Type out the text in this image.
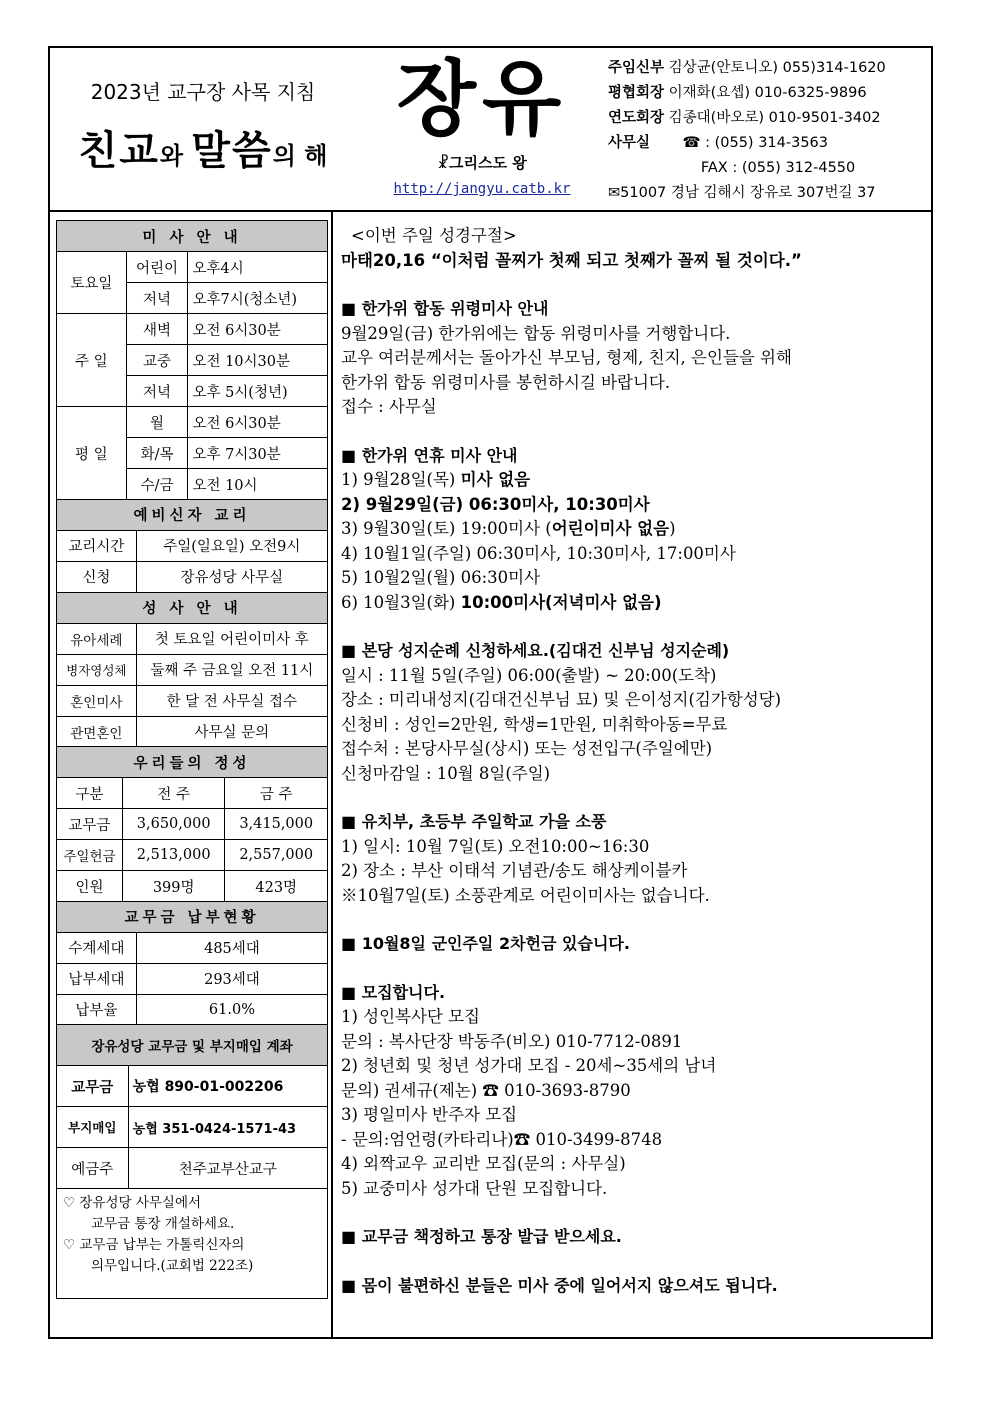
2023년 교구장 사목 지침
친교와 말씀의 해
장유
☧그리스도 왕
http://jangyu.catb.kr
주임신부 김상균(안토니오) 055)314-1620
평협회장 이재화(요셉) 010-6325-9896
연도회장 김종대(바오로) 010-9501-3402
사무실 ☎ : (055) 314-3563
FAX : (055) 312-4550
✉51007 경남 김해시 장유로 307번길 37
미 사 안 내		
토요일	어린이	오후4시
	저녁	오후7시(청소년)
주 일	새벽	오전 6시30분
	교중	오전 10시30분
	저녁	오후 5시(청년)
평 일	월	오전 6시30분
	화/목	오후 7시30분
	수/금	오전 10시
예비신자 교리	
교리시간	주일(일요일) 오전9시
신청	장유성당 사무실
성 사 안 내	
유아세례	첫 토요일 어린이미사 후
병자영성체	둘째 주 금요일 오전 11시
혼인미사	한 달 전 사무실 접수
관면혼인	사무실 문의
우리들의 정성		
구분	전 주	금 주
교무금	3,650,000	3,415,000
주일헌금	2,513,000	2,557,000
인원	399명	423명
교무금 납부현황	
수계세대	485세대
납부세대	293세대
납부율	61.0%
장유성당 교무금 및 부지매입 계좌	
교무금	농협 890-01-002206
부지매입	농협 351-0424-1571-43
예금주	천주교부산교구
♡ 장유성당 사무실에서
교무금 통장 개설하세요.
♡ 교무금 납부는 가톨릭신자의
의무입니다.(교회법 222조)
<이번 주일 성경구절>
마태20,16 “이처럼 꼴찌가 첫째 되고 첫째가 꼴찌 될 것이다.”
■ 한가위 합동 위령미사 안내
9월29일(금) 한가위에는 합동 위령미사를 거행합니다.
교우 여러분께서는 돌아가신 부모님, 형제, 친지, 은인들을 위해
한가위 합동 위령미사를 봉헌하시길 바랍니다.
접수 : 사무실
■ 한가위 연휴 미사 안내
1) 9월28일(목) 미사 없음
2) 9월29일(금) 06:30미사, 10:30미사
3) 9월30일(토) 19:00미사 (어린이미사 없음)
4) 10월1일(주일) 06:30미사, 10:30미사, 17:00미사
5) 10월2일(월) 06:30미사
6) 10월3일(화) 10:00미사(저녁미사 없음)
■ 본당 성지순례 신청하세요.(김대건 신부님 성지순례)
일시 : 11월 5일(주일) 06:00(출발) ~ 20:00(도착)
장소 : 미리내성지(김대건신부님 묘) 및 은이성지(김가항성당)
신청비 : 성인=2만원, 학생=1만원, 미취학아동=무료
접수처 : 본당사무실(상시) 또는 성전입구(주일에만)
신청마감일 : 10월 8일(주일)
■ 유치부, 초등부 주일학교 가을 소풍
1) 일시: 10월 7일(토) 오전10:00~16:30
2) 장소 : 부산 이태석 기념관/송도 해상케이블카
※10월7일(토) 소풍관계로 어린이미사는 없습니다.
■ 10월8일 군인주일 2차헌금 있습니다.
■ 모집합니다.
1) 성인복사단 모집
문의 : 복사단장 박동주(비오) 010-7712-0891
2) 청년회 및 청년 성가대 모집 - 20세~35세의 남녀
문의) 권세규(제논) ☎ 010-3693-8790
3) 평일미사 반주자 모집
- 문의:엄언령(카타리나)☎ 010-3499-8748
4) 외짝교우 교리반 모집(문의 : 사무실)
5) 교중미사 성가대 단원 모집합니다.
■ 교무금 책정하고 통장 발급 받으세요.
■ 몸이 불편하신 분들은 미사 중에 일어서지 않으셔도 됩니다.
